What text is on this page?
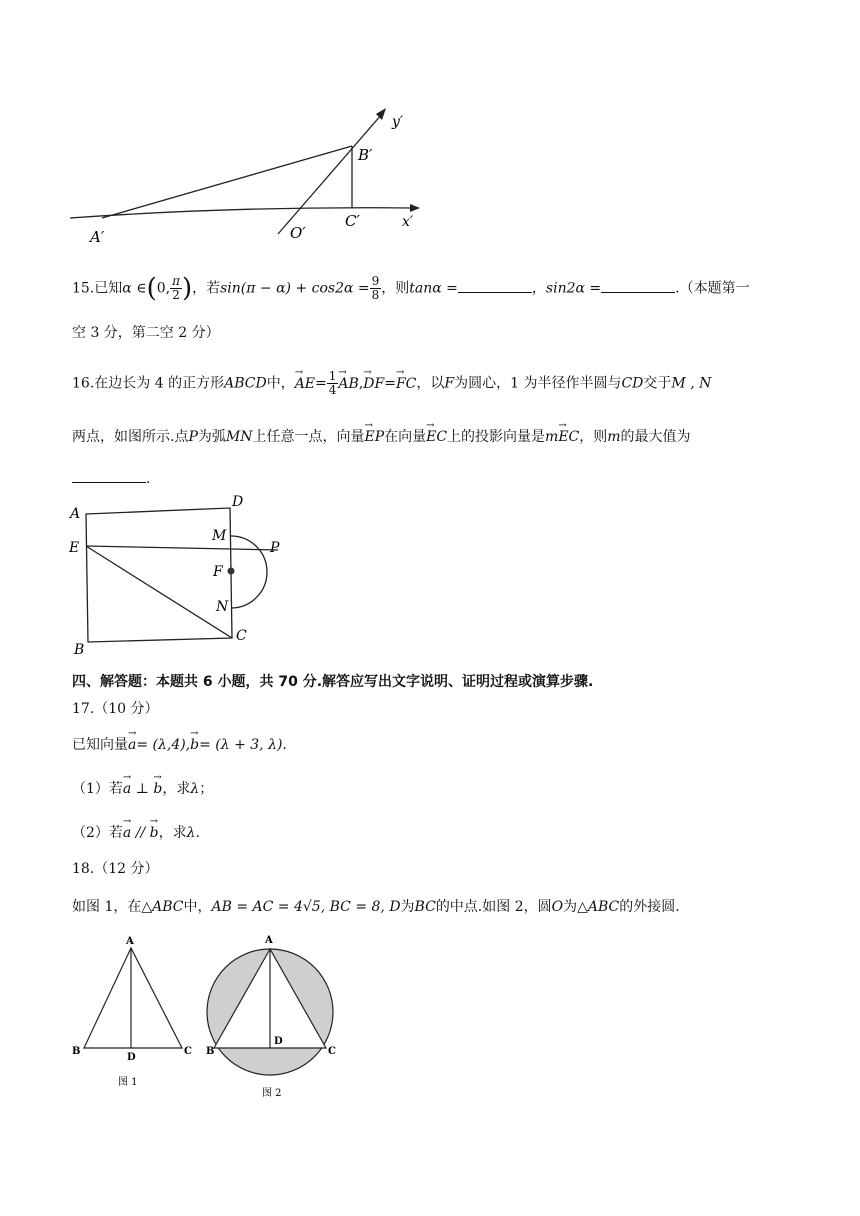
A′	O′
C′
B′
x′
y′
15.已知α ∈(0, $\frac{\pi}{2}$ )，若$\sin(\pi - \alpha) + \cos 2\alpha = \frac{9}{8}$ ，则tanα =	，sin2α =	.（本题第一
空 3 分，第二空 2 分）
16.在边长为 4 的正方形ABCD中，→ $AE= \frac{1}{4}$
→ AB,→ DF=→ FC，以F为圆心，1 为半径作半圆与CD交于M , N
两点，如图所示.点P为弧MN上任意一点，向量→ EP在向量→ EC上的投影向量是m→ EC，则m的最大值为
.
A
D
E
M
P
F
N
B
C
四、解答题：本题共 6 小题，共 70 分.解答应写出文字说明、证明过程或演算步骤.
17.（10 分）
已知向量→ a= (λ,4),→ b= (λ + 3, λ).
（1）若→ a ⊥ → b，求λ；
（2）若→ a // → b，求λ.
18.（12 分）
如图 1，在△ABC中，AB = AC = 4√5, BC = 8, D为BC的中点.如图 2，圆O为△ABC的外接圆.
A
B	C
D
图 1
A
B	C
D
图 2
